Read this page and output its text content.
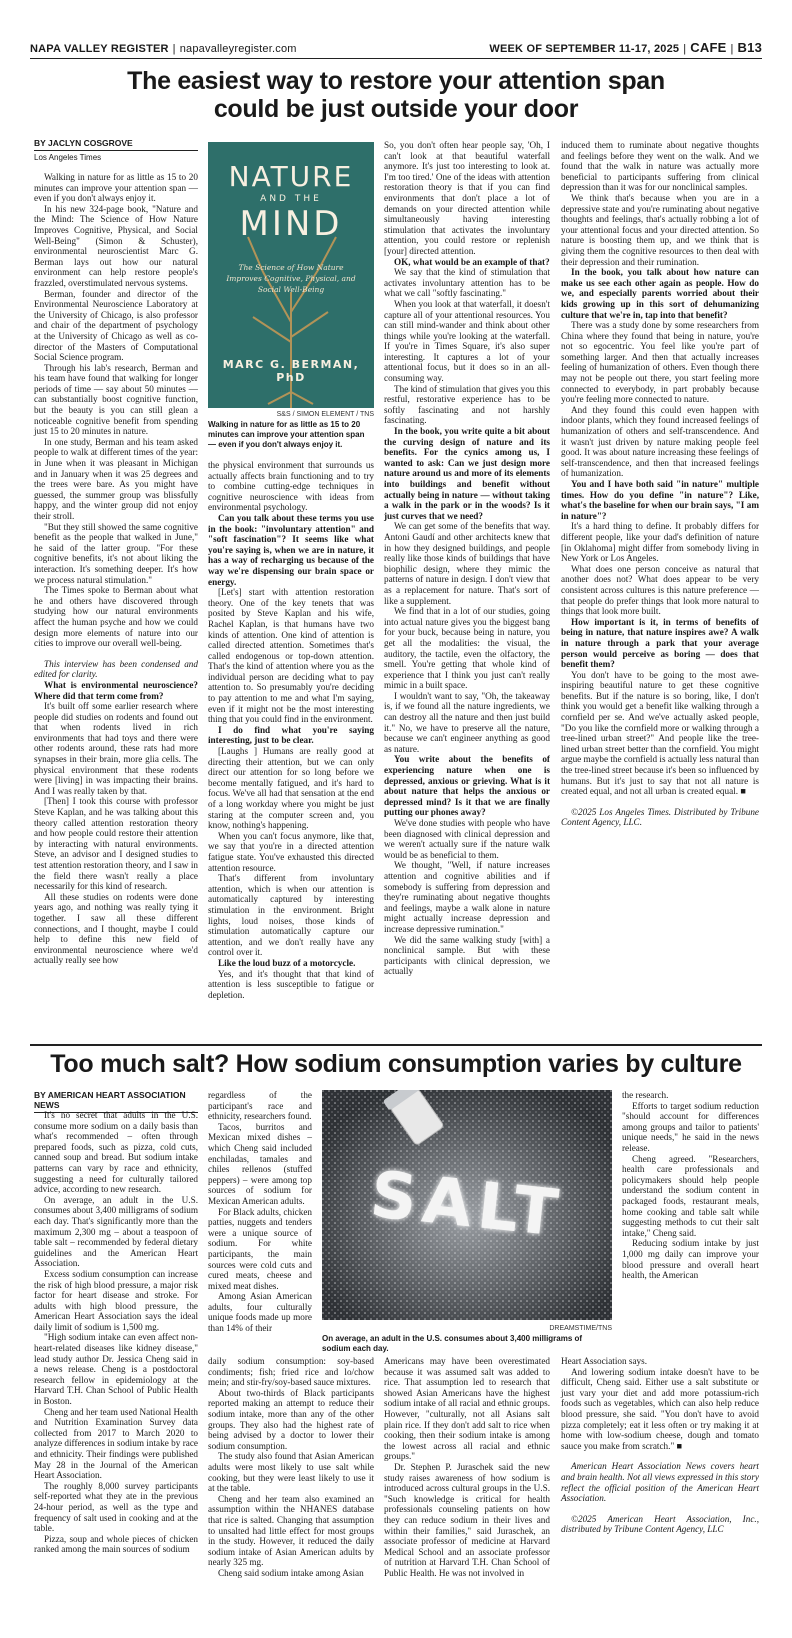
NAPA VALLEY REGISTER | napavalleyregister.com	WEEK OF SEPTEMBER 11-17, 2025 | CAFE | B13
The easiest way to restore your attention span could be just outside your door
BY JACLYN COSGROVE
Los Angeles Times

Walking in nature for as little as 15 to 20 minutes can improve your attention span — even if you don't always enjoy it.

In his new 324-page book, "Nature and the Mind: The Science of How Nature Improves Cognitive, Physical, and Social Well-Being" (Simon & Schuster), environmental neuroscientist Marc G. Berman lays out how our natural environment can help restore people's frazzled, overstimulated nervous systems.

Berman, founder and director of the Environmental Neuroscience Laboratory at the University of Chicago, is also professor and chair of the department of psychology at the University of Chicago as well as co-director of the Masters of Computational Social Science program.

Through his lab's research, Berman and his team have found that walking for longer periods of time — say about 50 minutes — can substantially boost cognitive function, but the beauty is you can still glean a noticeable cognitive benefit from spending just 15 to 20 minutes in nature.

In one study, Berman and his team asked people to walk at different times of the year: in June when it was pleasant in Michigan and in January when it was 25 degrees and the trees were bare. As you might have guessed, the summer group was blissfully happy, and the winter group did not enjoy their stroll.

"But they still showed the same cognitive benefit as the people that walked in June," he said of the latter group. "For these cognitive benefits, it's not about liking the interaction. It's something deeper. It's how we process natural stimulation."

The Times spoke to Berman about what he and others have discovered through studying how our natural environments affect the human psyche and how we could design more elements of nature into our cities to improve our overall well-being.

This interview has been condensed and edited for clarity.

What is environmental neuroscience? Where did that term come from?

It's built off some earlier research where people did studies on rodents and found out that when rodents lived in rich environments that had toys and there were other rodents around, these rats had more synapses in their brain, more glia cells. The physical environment that these rodents were [living] in was impacting their brains. And I was really taken by that.

[Then] I took this course with professor Steve Kaplan, and he was talking about this theory called attention restoration theory and how people could restore their attention by interacting with natural environments. Steve, an advisor and I designed studies to test attention restoration theory, and I saw in the field there wasn't really a place necessarily for this kind of research.

All these studies on rodents were done years ago, and nothing was really tying it together. I saw all these different connections, and I thought, maybe I could help to define this new field of environmental neuroscience where we'd actually really see how

NATURE
AND THE
MIND
The Science of How Nature Improves Cognitive, Physical, and Social Well-Being
MARC G. BERMAN, PhD
S&S / SIMON ELEMENT / TNS
Walking in nature for as little as 15 to 20 minutes can improve your attention span — even if you don't always enjoy it.

the physical environment that surrounds us actually affects brain functioning and to try to combine cutting-edge techniques in cognitive neuroscience with ideas from environmental psychology.

Can you talk about these terms you use in the book: "involuntary attention" and "soft fascination"? It seems like what you're saying is, when we are in nature, it has a way of recharging us because of the way we're dispensing our brain space or energy.

[Let's] start with attention restoration theory. One of the key tenets that was posited by Steve Kaplan and his wife, Rachel Kaplan, is that humans have two kinds of attention. One kind of attention is called directed attention. Sometimes that's called endogenous or top-down attention. That's the kind of attention where you as the individual person are deciding what to pay attention to. So presumably you're deciding to pay attention to me and what I'm saying, even if it might not be the most interesting thing that you could find in the environment.

I do find what you're saying interesting, just to be clear.

[Laughs ] Humans are really good at directing their attention, but we can only direct our attention for so long before we become mentally fatigued, and it's hard to focus. We've all had that sensation at the end of a long workday where you might be just staring at the computer screen and, you know, nothing's happening.

When you can't focus anymore, like that, we say that you're in a directed attention fatigue state. You've exhausted this directed attention resource.

That's different from involuntary attention, which is when our attention is automatically captured by interesting stimulation in the environment. Bright lights, loud noises, those kinds of stimulation automatically capture our attention, and we don't really have any control over it.

Like the loud buzz of a motorcycle.

Yes, and it's thought that that kind of attention is less susceptible to fatigue or depletion.

So, you don't often hear people say, 'Oh, I can't look at that beautiful waterfall anymore. It's just too interesting to look at. I'm too tired.' One of the ideas with attention restoration theory is that if you can find environments that don't place a lot of demands on your directed attention while simultaneously having interesting stimulation that activates the involuntary attention, you could restore or replenish [your] directed attention.

OK, what would be an example of that?

We say that the kind of stimulation that activates involuntary attention has to be what we call "softly fascinating."

When you look at that waterfall, it doesn't capture all of your attentional resources. You can still mind-wander and think about other things while you're looking at the waterfall. If you're in Times Square, it's also super interesting. It captures a lot of your attentional focus, but it does so in an all-consuming way.

The kind of stimulation that gives you this restful, restorative experience has to be softly fascinating and not harshly fascinating.

In the book, you write quite a bit about the curving design of nature and its benefits. For the cynics among us, I wanted to ask: Can we just design more nature around us and more of its elements into buildings and benefit without actually being in nature — without taking a walk in the park or in the woods? Is it just curves that we need?

We can get some of the benefits that way. Antoni Gaudí and other architects knew that in how they designed buildings, and people really like those kinds of buildings that have biophilic design, where they mimic the patterns of nature in design. I don't view that as a replacement for nature. That's sort of like a supplement.

We find that in a lot of our studies, going into actual nature gives you the biggest bang for your buck, because being in nature, you get all the modalities: the visual, the auditory, the tactile, even the olfactory, the smell. You're getting that whole kind of experience that I think you just can't really mimic in a built space.

I wouldn't want to say, "Oh, the takeaway is, if we found all the nature ingredients, we can destroy all the nature and then just build it." No, we have to preserve all the nature, because we can't engineer anything as good as nature.

You write about the benefits of experiencing nature when one is depressed, anxious or grieving. What is it about nature that helps the anxious or depressed mind? Is it that we are finally putting our phones away?

We've done studies with people who have been diagnosed with clinical depression and we weren't actually sure if the nature walk would be as beneficial to them.

We thought, "Well, if nature increases attention and cognitive abilities and if somebody is suffering from depression and they're ruminating about negative thoughts and feelings, maybe a walk alone in nature might actually increase depression and increase depressive rumination."

We did the same walking study [with] a nonclinical sample. But with these participants with clinical depression, we actually

induced them to ruminate about negative thoughts and feelings before they went on the walk. And we found that the walk in nature was actually more beneficial to participants suffering from clinical depression than it was for our nonclinical samples.

We think that's because when you are in a depressive state and you're ruminating about negative thoughts and feelings, that's actually robbing a lot of your attentional focus and your directed attention. So nature is boosting them up, and we think that is giving them the cognitive resources to then deal with their depression and their rumination.

In the book, you talk about how nature can make us see each other again as people. How do we, and especially parents worried about their kids growing up in this sort of dehumanizing culture that we're in, tap into that benefit?

There was a study done by some researchers from China where they found that being in nature, you're not so egocentric. You feel like you're part of something larger. And then that actually increases feeling of humanization of others. Even though there may not be people out there, you start feeling more connected to everybody, in part probably because you're feeling more connected to nature.

And they found this could even happen with indoor plants, which they found increased feelings of humanization of others and self-transcendence. And it wasn't just driven by nature making people feel good. It was about nature increasing these feelings of self-transcendence, and then that increased feelings of humanization.

You and I have both said "in nature" multiple times. How do you define "in nature"? Like, what's the baseline for when our brain says, "I am in nature"?

It's a hard thing to define. It probably differs for different people, like your dad's definition of nature [in Oklahoma] might differ from somebody living in New York or Los Angeles.

What does one person conceive as natural that another does not? What does appear to be very consistent across cultures is this nature preference — that people do prefer things that look more natural to things that look more built.

How important is it, in terms of benefits of being in nature, that nature inspires awe? A walk in nature through a park that your average person would perceive as boring — does that benefit them?

You don't have to be going to the most awe-inspiring beautiful nature to get these cognitive benefits. But if the nature is so boring, like, I don't think you would get a benefit like walking through a cornfield per se. And we've actually asked people, "Do you like the cornfield more or walking through a tree-lined urban street?" And people like the tree-lined urban street better than the cornfield. You might argue maybe the cornfield is actually less natural than the tree-lined street because it's been so influenced by humans. But it's just to say that not all nature is created equal, and not all urban is created equal. ■

©2025 Los Angeles Times. Distributed by Tribune Content Agency, LLC.

Too much salt? How sodium consumption varies by culture
BY AMERICAN HEART ASSOCIATION NEWS

It's no secret that adults in the U.S. consume more sodium on a daily basis than what's recommended – often through prepared foods, such as pizza, cold cuts, canned soup and bread. But sodium intake patterns can vary by race and ethnicity, suggesting a need for culturally tailored advice, according to new research.

On average, an adult in the U.S. consumes about 3,400 milligrams of sodium each day. That's significantly more than the maximum 2,300 mg – about a teaspoon of table salt – recommended by federal dietary guidelines and the American Heart Association.

Excess sodium consumption can increase the risk of high blood pressure, a major risk factor for heart disease and stroke. For adults with high blood pressure, the American Heart Association says the ideal daily limit of sodium is 1,500 mg.

"High sodium intake can even affect non-heart-related diseases like kidney disease," lead study author Dr. Jessica Cheng said in a news release. Cheng is a postdoctoral research fellow in epidemiology at the Harvard T.H. Chan School of Public Health in Boston.

Cheng and her team used National Health and Nutrition Examination Survey data collected from 2017 to March 2020 to analyze differences in sodium intake by race and ethnicity. Their findings were published May 28 in the Journal of the American Heart Association.

The roughly 8,000 survey participants self-reported what they ate in the previous 24-hour period, as well as the type and frequency of salt used in cooking and at the table.

Pizza, soup and whole pieces of chicken ranked among the main sources of sodium

regardless of the participant's race and ethnicity, researchers found.

Tacos, burritos and Mexican mixed dishes – which Cheng said included enchiladas, tamales and chiles rellenos (stuffed peppers) – were among top sources of sodium for Mexican American adults.

For Black adults, chicken patties, nuggets and tenders were a unique source of sodium. For white participants, the main sources were cold cuts and cured meats, cheese and mixed meat dishes.

Among Asian American adults, four culturally unique foods made up more than 14% of their

SALT
DREAMSTIME/TNS
On average, an adult in the U.S. consumes about 3,400 milligrams of sodium each day.

daily sodium consumption: soy-based condiments; fish; fried rice and lo/chow mein; and stir-fry/soy-based sauce mixtures.

About two-thirds of Black participants reported making an attempt to reduce their sodium intake, more than any of the other groups. They also had the highest rate of being advised by a doctor to lower their sodium consumption.

The study also found that Asian American adults were most likely to use salt while cooking, but they were least likely to use it at the table.

Cheng and her team also examined an assumption within the NHANES database that rice is salted. Changing that assumption to unsalted had little effect for most groups in the study. However, it reduced the daily sodium intake of Asian American adults by nearly 325 mg.

Cheng said sodium intake among Asian

Americans may have been overestimated because it was assumed salt was added to rice. That assumption led to research that showed Asian Americans have the highest sodium intake of all racial and ethnic groups. However, "culturally, not all Asians salt plain rice. If they don't add salt to rice when cooking, then their sodium intake is among the lowest across all racial and ethnic groups."

Dr. Stephen P. Juraschek said the new study raises awareness of how sodium is introduced across cultural groups in the U.S. "Such knowledge is critical for health professionals counseling patients on how they can reduce sodium in their lives and within their families," said Juraschek, an associate professor of medicine at Harvard Medical School and an associate professor of nutrition at Harvard T.H. Chan School of Public Health. He was not involved in

the research.

Efforts to target sodium reduction "should account for differences among groups and tailor to patients' unique needs," he said in the news release.

Cheng agreed. "Researchers, health care professionals and policymakers should help people understand the sodium content in packaged foods, restaurant meals, home cooking and table salt while suggesting methods to cut their salt intake," Cheng said.

Reducing sodium intake by just 1,000 mg daily can improve your blood pressure and overall heart health, the American

Heart Association says.

And lowering sodium intake doesn't have to be difficult, Cheng said. Either use a salt substitute or just vary your diet and add more potassium-rich foods such as vegetables, which can also help reduce blood pressure, she said. "You don't have to avoid pizza completely; eat it less often or try making it at home with low-sodium cheese, dough and tomato sauce you make from scratch." ■

American Heart Association News covers heart and brain health. Not all views expressed in this story reflect the official position of the American Heart Association.

©2025 American Heart Association, Inc., distributed by Tribune Content Agency, LLC
